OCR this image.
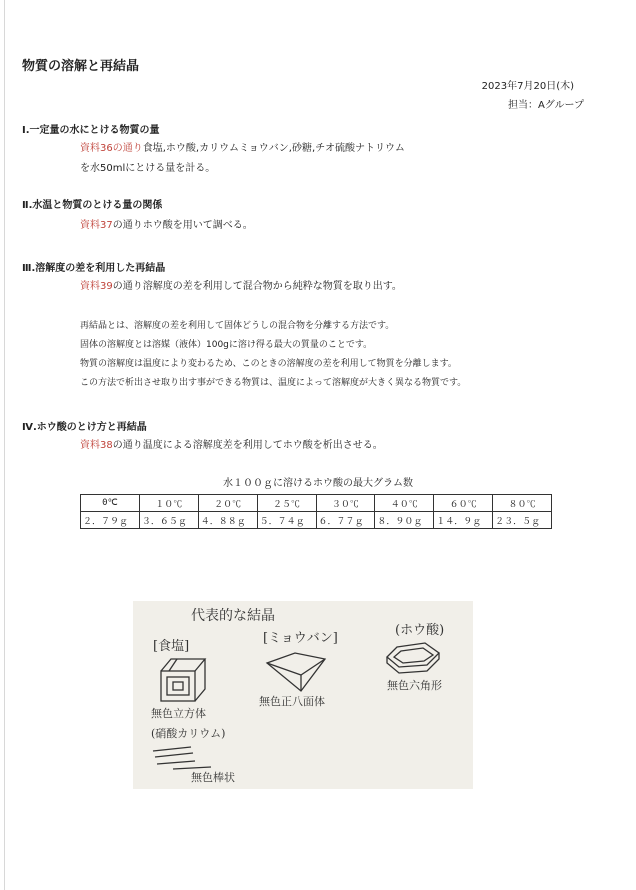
物質の溶解と再結晶
2023年7月20日(木)
担当：Aグループ
Ⅰ.一定量の水にとける物質の量
資料36の通り食塩,ホウ酸,カリウムミョウバン,砂糖,チオ硫酸ナトリウム
を水50mlにとける量を計る。
Ⅱ.水温と物質のとける量の関係
資料37の通りホウ酸を用いて調べる。
Ⅲ.溶解度の差を利用した再結晶
資料39の通り溶解度の差を利用して混合物から純粋な物質を取り出す。
再結晶とは、溶解度の差を利用して固体どうしの混合物を分離する方法です。
固体の溶解度とは溶媒（液体）100gに溶け得る最大の質量のことです。
物質の溶解度は温度により変わるため、このときの溶解度の差を利用して物質を分離します。
この方法で析出させ取り出す事ができる物質は、温度によって溶解度が大きく異なる物質です。
Ⅳ.ホウ酸のとけ方と再結晶
資料38の通り温度による溶解度差を利用してホウ酸を析出させる。
水１００ｇに溶けるホウ酸の最大グラム数
0℃	１０℃	２０℃	２５℃	３０℃	４０℃	６０℃	８０℃
２．７９ｇ	３．６５ｇ	４．８８ｇ	５．７４ｇ	６．７７ｇ	８．９０ｇ	１４．９ｇ	２３．５ｇ
代表的な結晶
[食塩]
無色立方体
[ミョウバン]
無色正八面体
(ホウ酸)
無色六角形
(硝酸カリウム)
無色棒状
